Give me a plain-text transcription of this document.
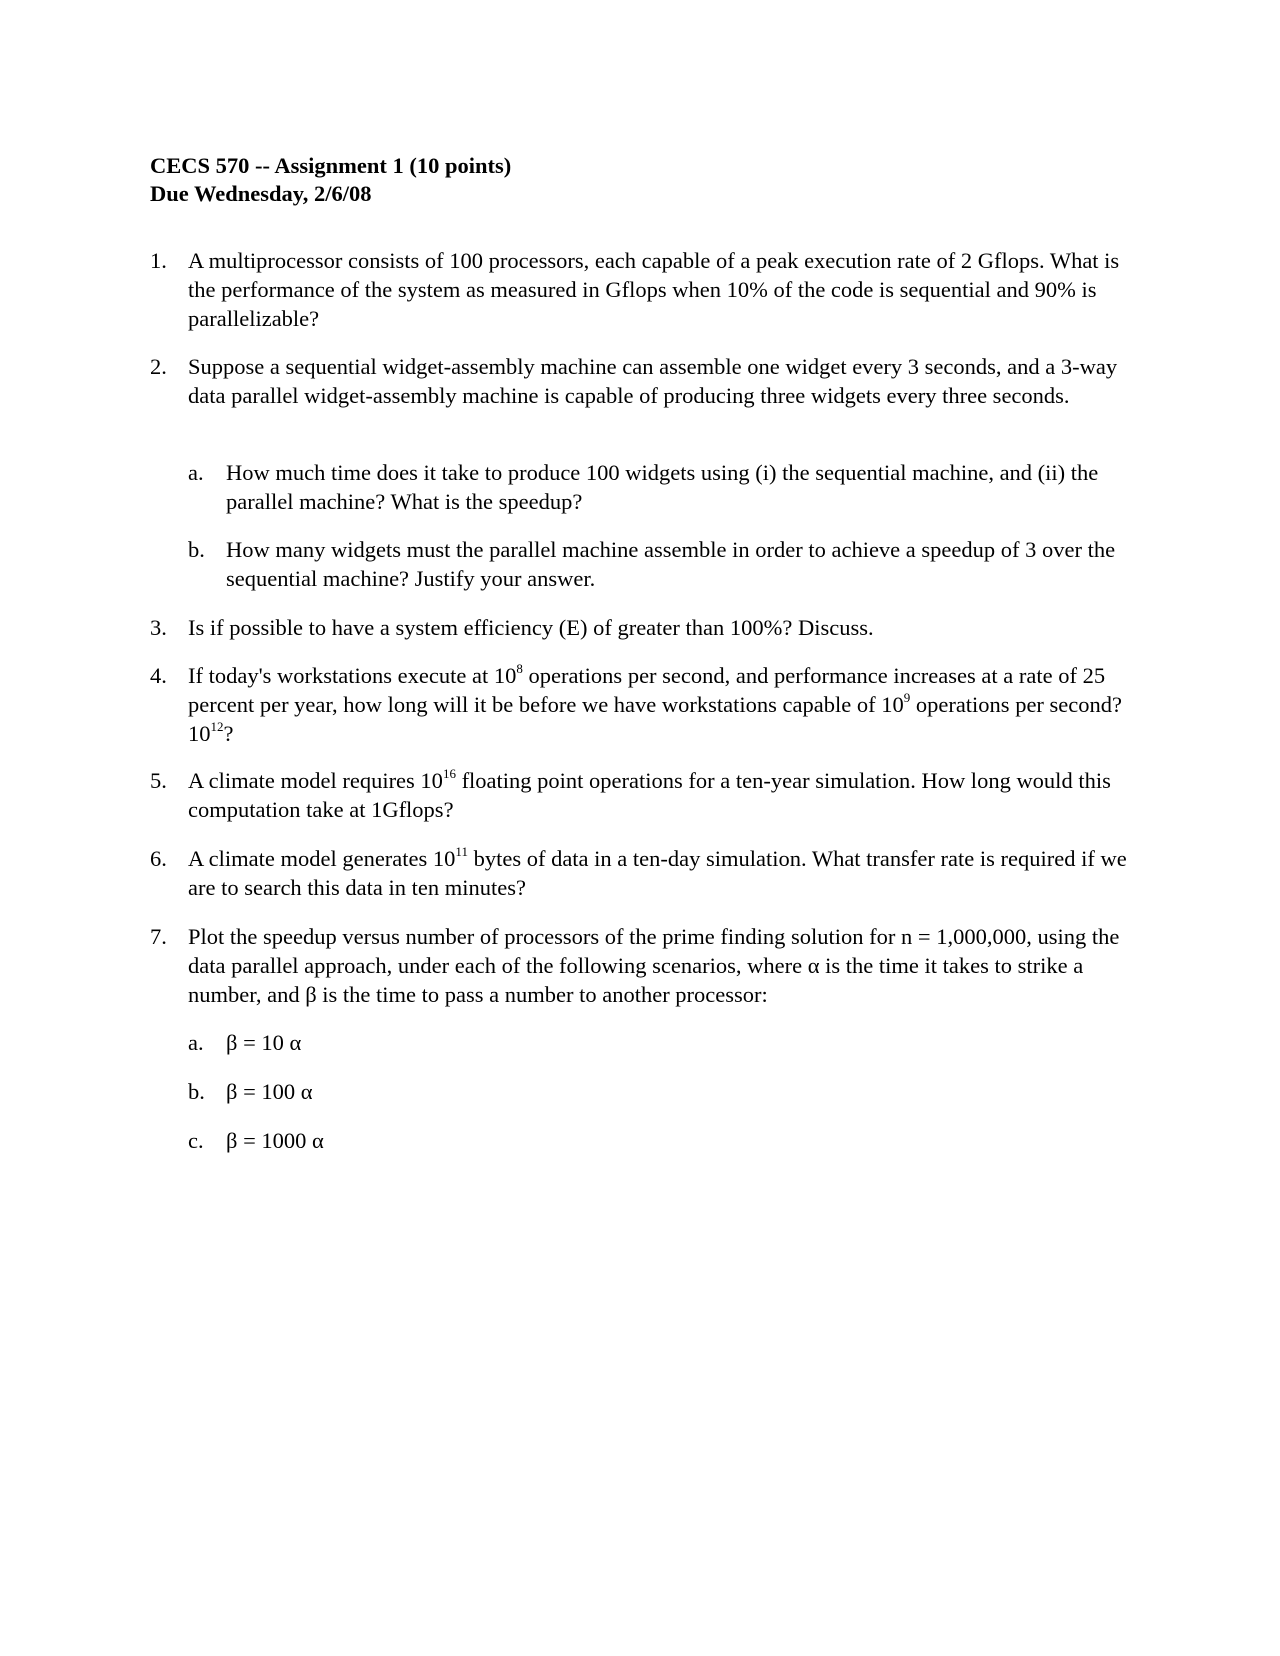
CECS 570 -- Assignment 1 (10 points)
Due Wednesday, 2/6/08
1. A multiprocessor consists of 100 processors, each capable of a peak execution rate of 2 Gflops. What is the performance of the system as measured in Gflops when 10% of the code is sequential and 90% is parallelizable?
2. Suppose a sequential widget-assembly machine can assemble one widget every 3 seconds, and a 3-way data parallel widget-assembly machine is capable of producing three widgets every three seconds.
a. How much time does it take to produce 100 widgets using (i) the sequential machine, and (ii) the parallel machine? What is the speedup?
b. How many widgets must the parallel machine assemble in order to achieve a speedup of 3 over the sequential machine? Justify your answer.
3. Is if possible to have a system efficiency (E) of greater than 100%? Discuss.
4. If today's workstations execute at $10^8$ operations per second, and performance increases at a rate of 25 percent per year, how long will it be before we have workstations capable of $10^9$ operations per second? $10^{12}$?
5. A climate model requires $10^{16}$ floating point operations for a ten-year simulation. How long would this computation take at 1Gflops?
6. A climate model generates $10^{11}$ bytes of data in a ten-day simulation. What transfer rate is required if we are to search this data in ten minutes?
7. Plot the speedup versus number of processors of the prime finding solution for n = 1,000,000, using the data parallel approach, under each of the following scenarios, where α is the time it takes to strike a number, and β is the time to pass a number to another processor:
a. β = 10 α
b. β = 100 α
c. β = 1000 α
